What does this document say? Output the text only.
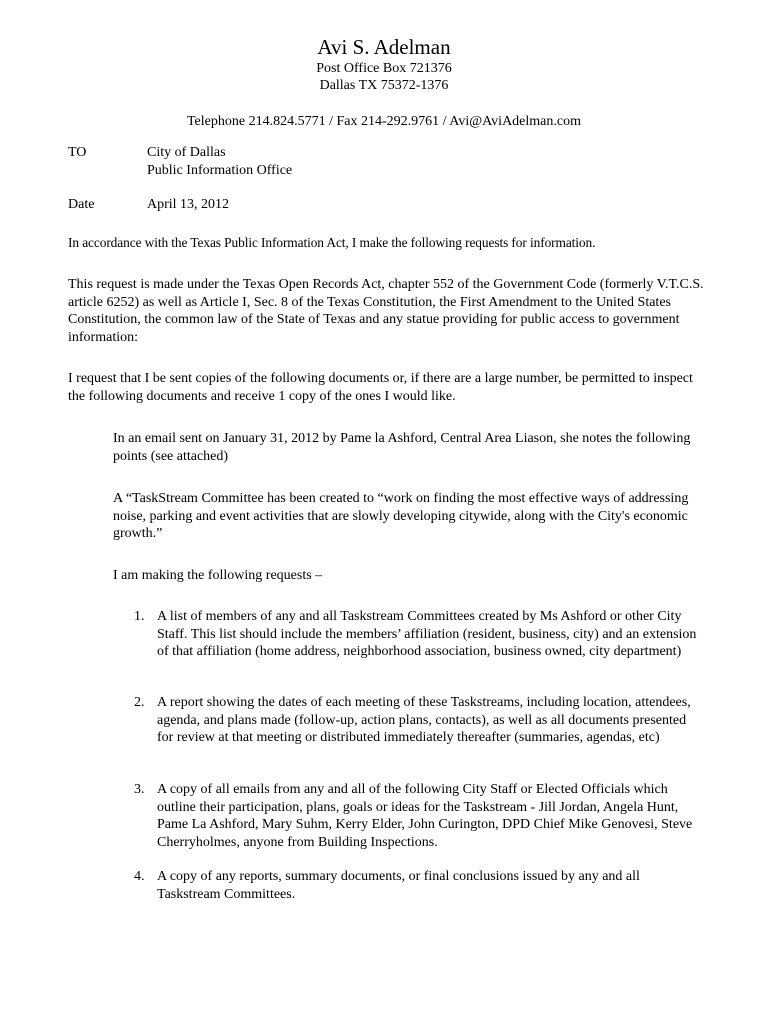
Avi S. Adelman
Post Office Box 721376
Dallas TX 75372-1376
Telephone 214.824.5771 / Fax 214-292.9761 / Avi@AviAdelman.com
TO	City of Dallas
Public Information Office
Date	April 13, 2012
In accordance with the Texas Public Information Act, I make the following requests for information.
This request is made under the Texas Open Records Act, chapter 552 of the Government Code (formerly V.T.C.S. article 6252) as well as Article I, Sec. 8 of the Texas Constitution, the First Amendment to the United States Constitution, the common law of the State of Texas and any statue providing for public access to government information:
I request that I be sent copies of the following documents or, if there are a large number, be permitted to inspect the following documents and receive 1 copy of the ones I would like.
In an email sent on January 31, 2012 by Pame la Ashford, Central Area Liason, she notes the following points (see attached)
A “TaskStream Committee has been created to “work on finding the most effective ways of addressing noise, parking and event activities that are slowly developing citywide, along with the City's economic growth.”
I am making the following requests –
1. A list of members of any and all Taskstream Committees created by Ms Ashford or other City Staff. This list should include the members’ affiliation (resident, business, city) and an extension of that affiliation (home address, neighborhood association, business owned, city department)
2. A report showing the dates of each meeting of these Taskstreams, including location, attendees, agenda, and plans made (follow-up, action plans, contacts), as well as all documents presented for review at that meeting or distributed immediately thereafter (summaries, agendas, etc)
3. A copy of all emails from any and all of the following City Staff or Elected Officials which outline their participation, plans, goals or ideas for the Taskstream - Jill Jordan, Angela Hunt, Pame La Ashford, Mary Suhm, Kerry Elder, John Curington, DPD Chief Mike Genovesi, Steve Cherryholmes, anyone from Building Inspections.
4. A copy of any reports, summary documents, or final conclusions issued by any and all Taskstream Committees.
